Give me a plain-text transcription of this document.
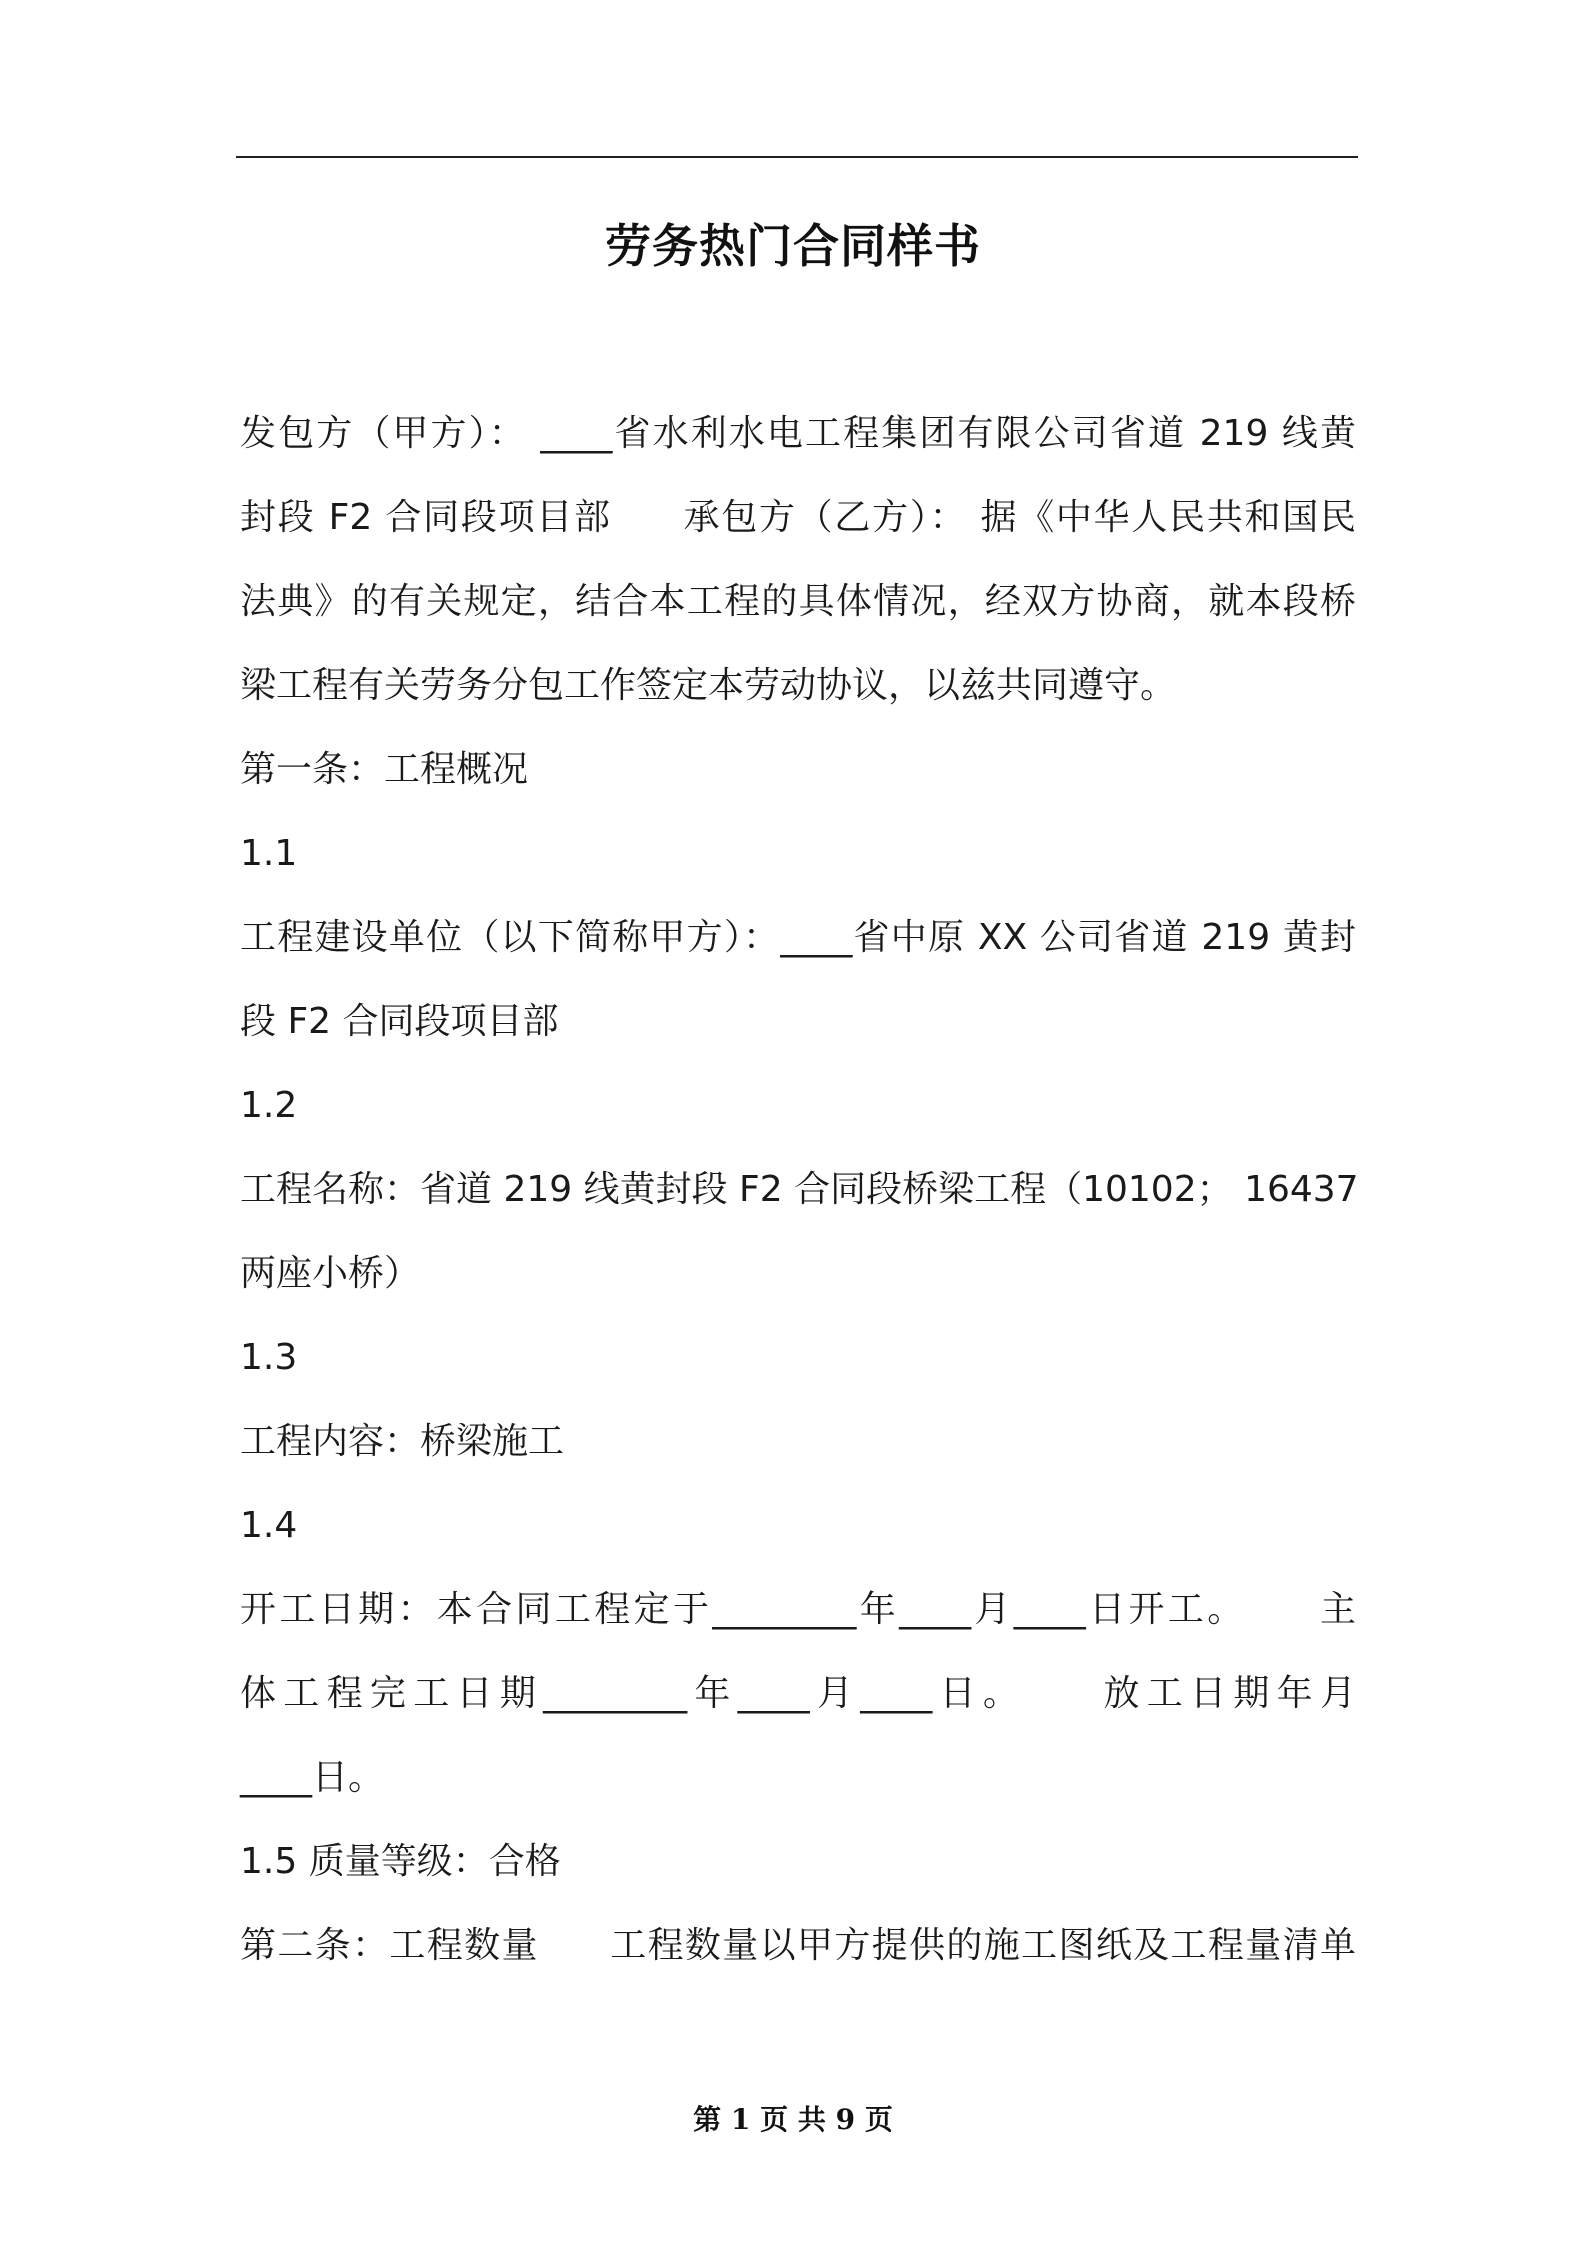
劳务热门合同样书
发包方（甲方）： ____省水利水电工程集团有限公司省道 219 线黄
封段 F2 合同段项目部 承包方（乙方）： 据《中华人民共和国民
法典》的有关规定，结合本工程的具体情况，经双方协商，就本段桥
梁工程有关劳务分包工作签定本劳动协议，以兹共同遵守。
第一条：工程概况
1.1
工程建设单位（以下简称甲方）：____省中原 XX 公司省道 219 黄封
段 F2 合同段项目部
1.2
工程名称：省道 219 线黄封段 F2 合同段桥梁工程（10102； 16437
两座小桥）
1.3
工程内容：桥梁施工
1.4
开工日期：本合同工程定于________年____月____日开工。 主
体工程完工日期________年____月____日。 放工日期年月
____日。
1.5 质量等级：合格
第二条：工程数量 工程数量以甲方提供的施工图纸及工程量清单
第 1 页 共 9 页
